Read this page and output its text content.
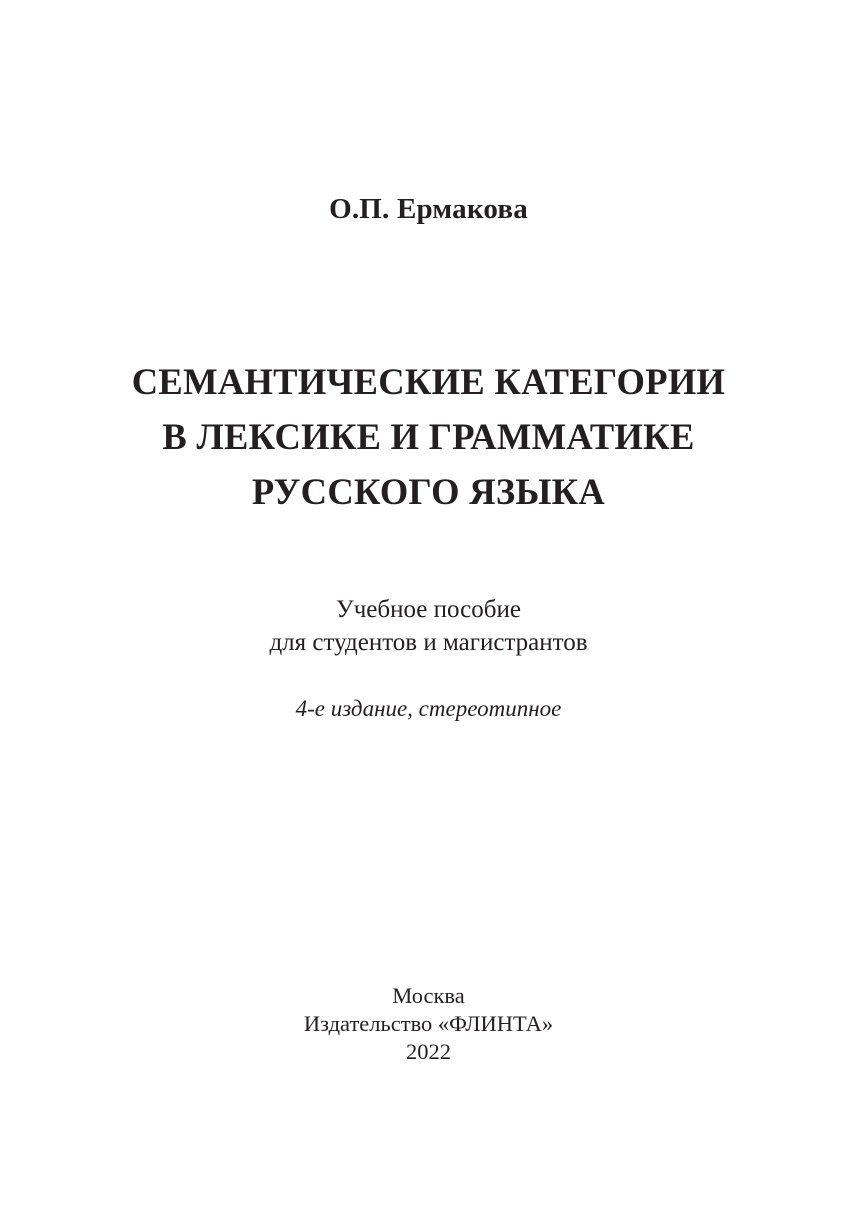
О.П. Ермакова
СЕМАНТИЧЕСКИЕ КАТЕГОРИИ
В ЛЕКСИКЕ И ГРАММАТИКЕ
РУССКОГО ЯЗЫКА
Учебное пособие
для студентов и магистрантов
4-е издание, стереотипное
Москва
Издательство «ФЛИНТА»
2022
